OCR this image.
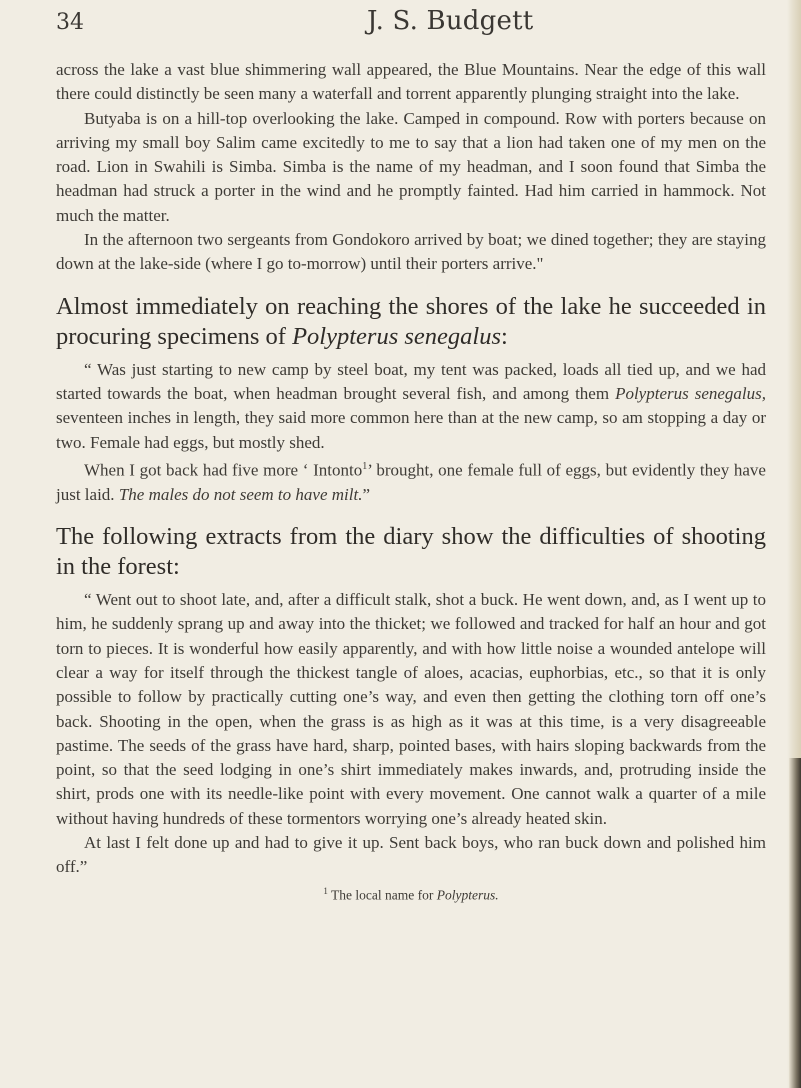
34	J. S. Budgett

across the lake a vast blue shimmering wall appeared, the Blue Mountains. Near the edge of this wall there could distinctly be seen many a waterfall and torrent apparently plunging straight into the lake.

Butyaba is on a hill-top overlooking the lake. Camped in compound. Row with porters because on arriving my small boy Salim came excitedly to me to say that a lion had taken one of my men on the road. Lion in Swahili is Simba. Simba is the name of my headman, and I soon found that Simba the headman had struck a porter in the wind and he promptly fainted. Had him carried in hammock. Not much the matter.

In the afternoon two sergeants from Gondokoro arrived by boat; we dined together; they are staying down at the lake-side (where I go to-morrow) until their porters arrive."

Almost immediately on reaching the shores of the lake he succeeded in procuring specimens of Polypterus senegalus:

“ Was just starting to new camp by steel boat, my tent was packed, loads all tied up, and we had started towards the boat, when headman brought several fish, and among them Polypterus senegalus, seventeen inches in length, they said more common here than at the new camp, so am stopping a day or two. Female had eggs, but mostly shed.

When I got back had five more ‘ Intonto$^1$’ brought, one female full of eggs, but evidently they have just laid. The males do not seem to have milt.”

The following extracts from the diary show the difficulties of shooting in the forest:

“ Went out to shoot late, and, after a difficult stalk, shot a buck. He went down, and, as I went up to him, he suddenly sprang up and away into the thicket; we followed and tracked for half an hour and got torn to pieces. It is wonderful how easily apparently, and with how little noise a wounded antelope will clear a way for itself through the thickest tangle of aloes, acacias, euphorbias, etc., so that it is only possible to follow by practically cutting one’s way, and even then getting the clothing torn off one’s back. Shooting in the open, when the grass is as high as it was at this time, is a very disagreeable pastime. The seeds of the grass have hard, sharp, pointed bases, with hairs sloping backwards from the point, so that the seed lodging in one’s shirt immediately makes inwards, and, protruding inside the shirt, prods one with its needle-like point with every movement. One cannot walk a quarter of a mile without having hundreds of these tormentors worrying one’s already heated skin.

At last I felt done up and had to give it up. Sent back boys, who ran buck down and polished him off.”

$^1$ The local name for Polypterus.
